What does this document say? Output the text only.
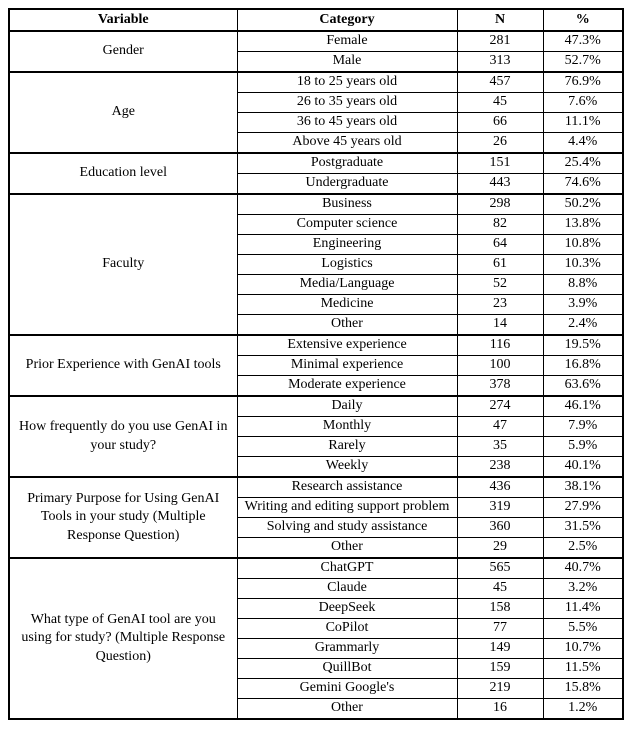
Variable	Category	N	%
Gender	Female	281	47.3%
	Male	313	52.7%
Age	18 to 25 years old	457	76.9%
	26 to 35 years old	45	7.6%
	36 to 45 years old	66	11.1%
	Above 45 years old	26	4.4%
Education level	Postgraduate	151	25.4%
	Undergraduate	443	74.6%
Faculty	Business	298	50.2%
	Computer science	82	13.8%
	Engineering	64	10.8%
	Logistics	61	10.3%
	Media/Language	52	8.8%
	Medicine	23	3.9%
	Other	14	2.4%
Prior Experience with GenAI tools	Extensive experience	116	19.5%
	Minimal experience	100	16.8%
	Moderate experience	378	63.6%
How frequently do you use GenAI in your study?	Daily	274	46.1%
	Monthly	47	7.9%
	Rarely	35	5.9%
	Weekly	238	40.1%
Primary Purpose for Using GenAI Tools in your study (Multiple Response Question)	Research assistance	436	38.1%
	Writing and editing support problem	319	27.9%
	Solving and study assistance	360	31.5%
	Other	29	2.5%
What type of GenAI tool are you using for study? (Multiple Response Question)	ChatGPT	565	40.7%
	Claude	45	3.2%
	DeepSeek	158	11.4%
	CoPilot	77	5.5%
	Grammarly	149	10.7%
	QuillBot	159	11.5%
	Gemini Google's	219	15.8%
	Other	16	1.2%
